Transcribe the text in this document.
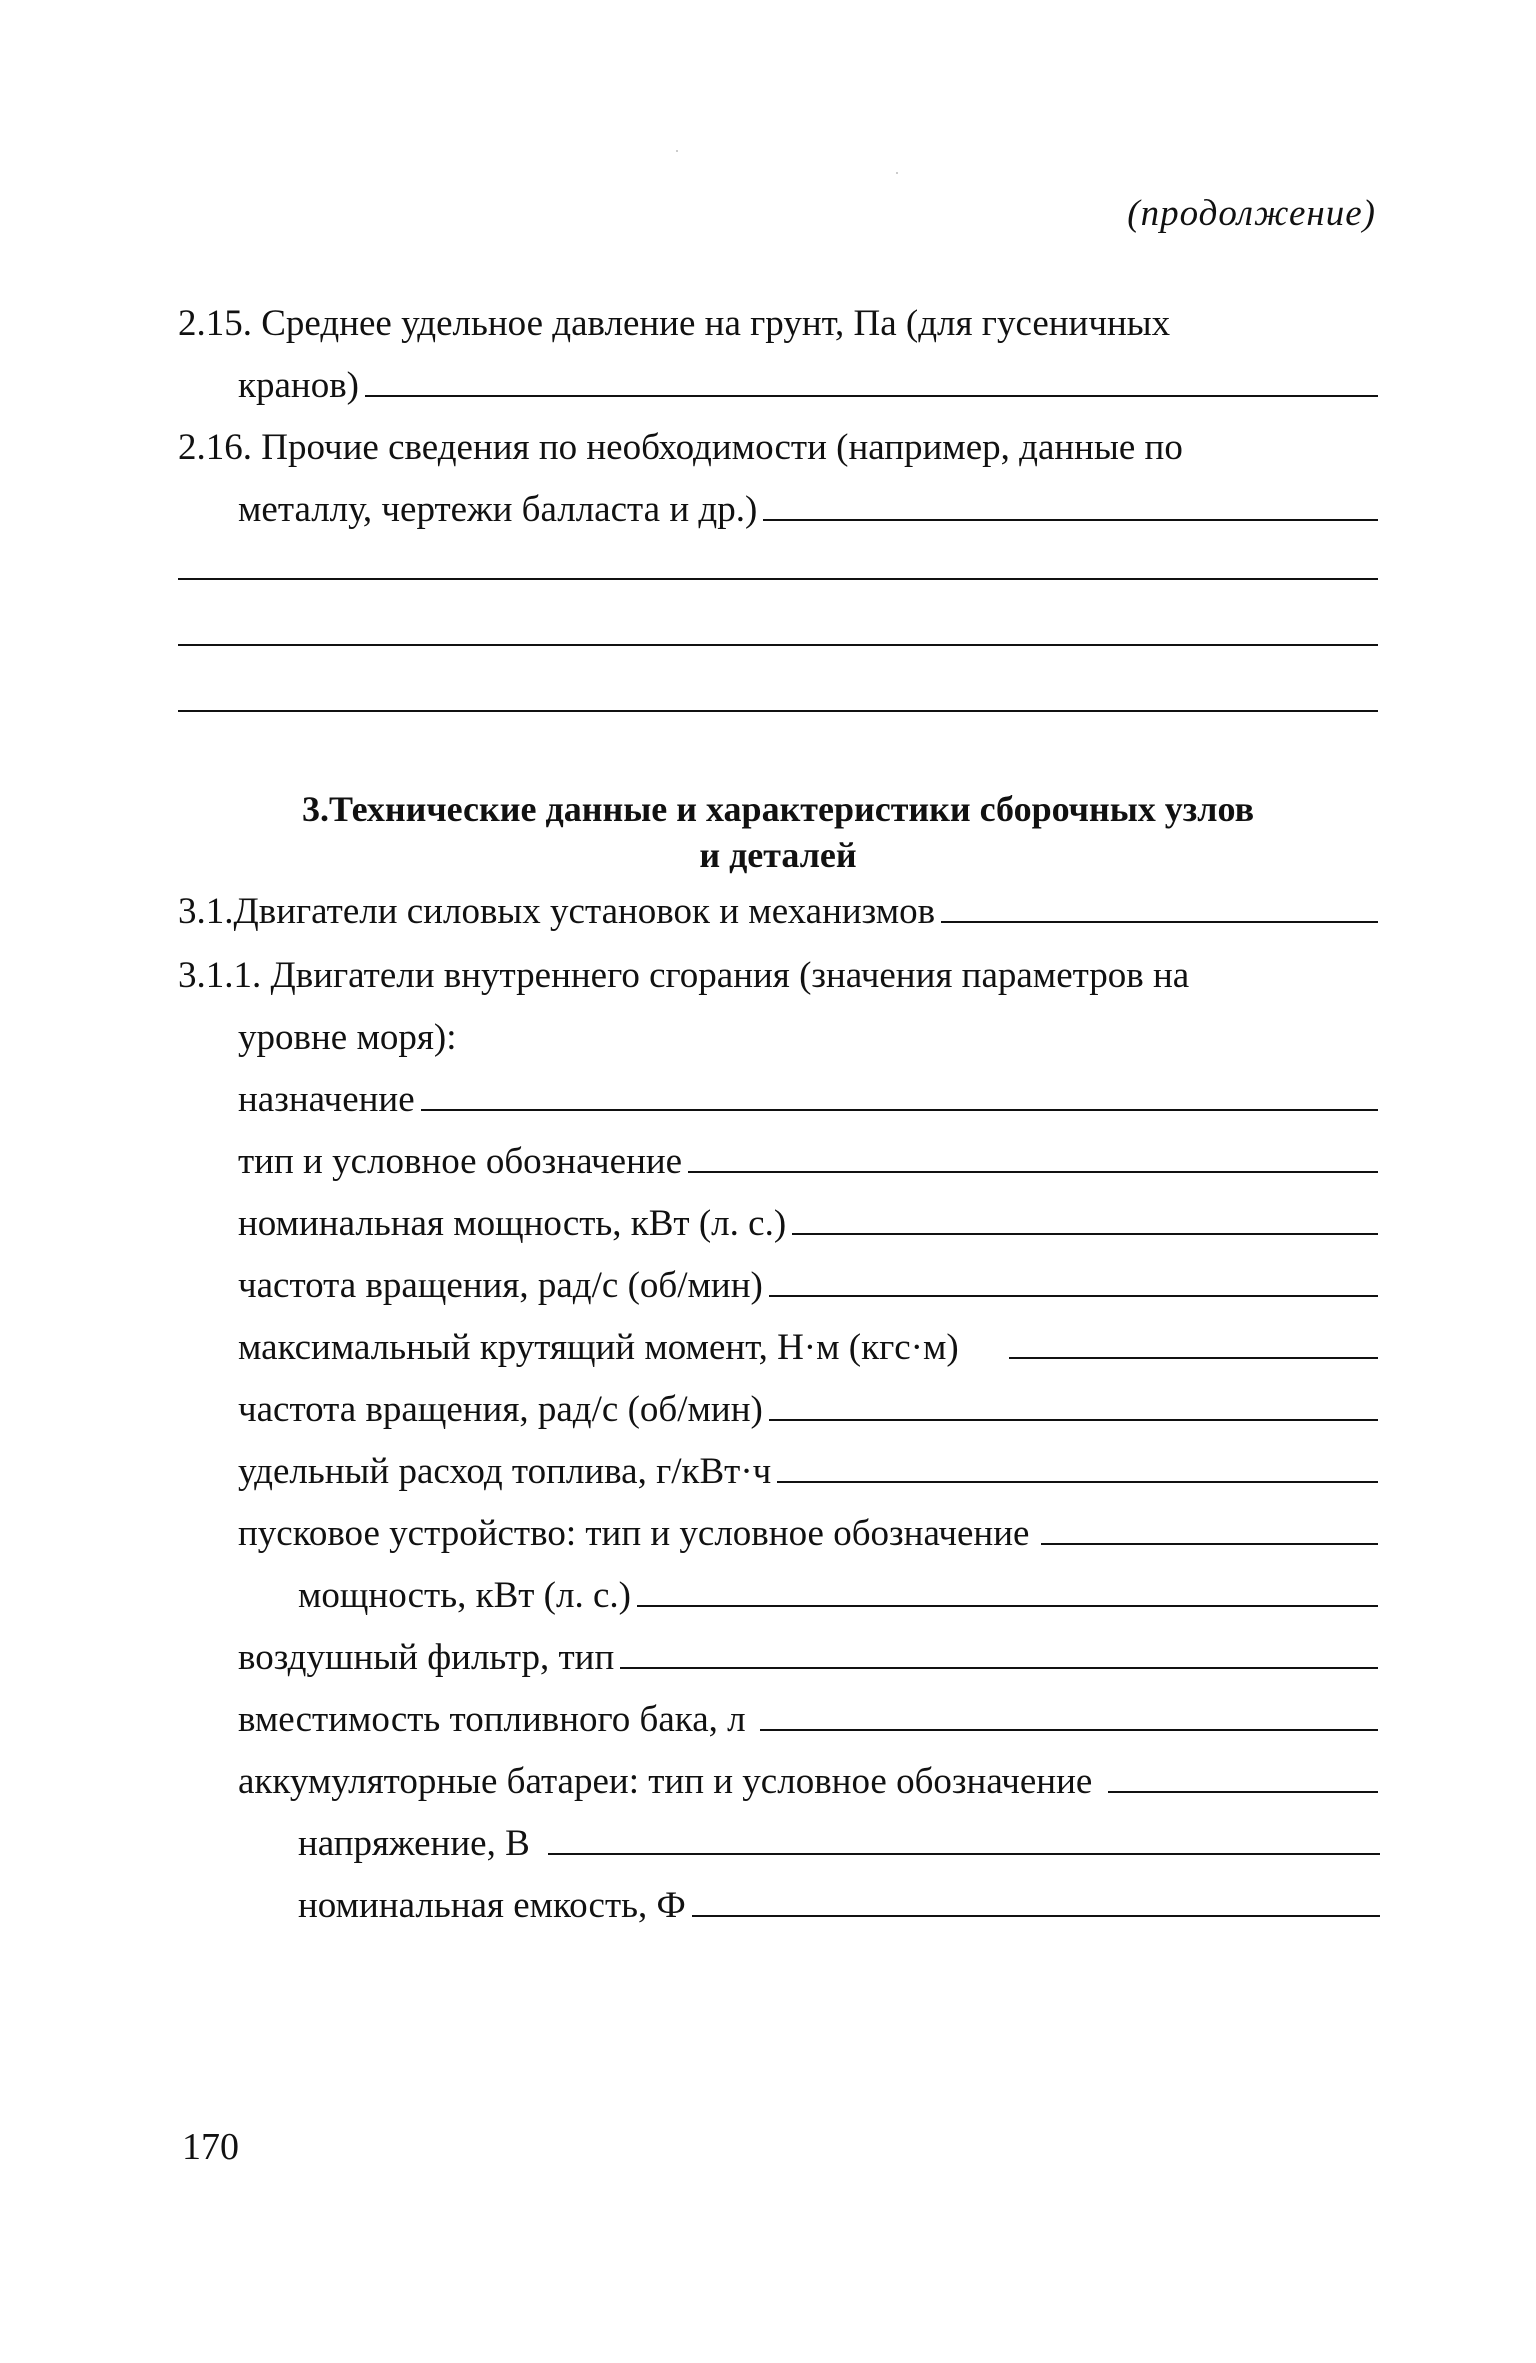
(продолжение)
2.15. Среднее удельное давление на грунт, Па (для гусеничных
кранов)
2.16. Прочие сведения по необходимости (например, данные по
металлу, чертежи балласта и др.)
3.Технические данные и характеристики сборочных узлов
и деталей
3.1.Двигатели силовых установок и механизмов
3.1.1. Двигатели внутреннего сгорания (значения параметров на
уровне моря):
назначение
тип и условное обозначение
номинальная мощность, кВт (л. с.)
частота вращения, рад/с (об/мин)
максимальный крутящий момент, Н·м (кгс·м)
частота вращения, рад/с (об/мин)
удельный расход топлива, г/кВт·ч
пусковое устройство: тип и условное обозначение
мощность, кВт (л. с.)
воздушный фильтр, тип
вместимость топливного бака, л
аккумуляторные батареи: тип и условное обозначение
напряжение, В
номинальная емкость, Ф
170
